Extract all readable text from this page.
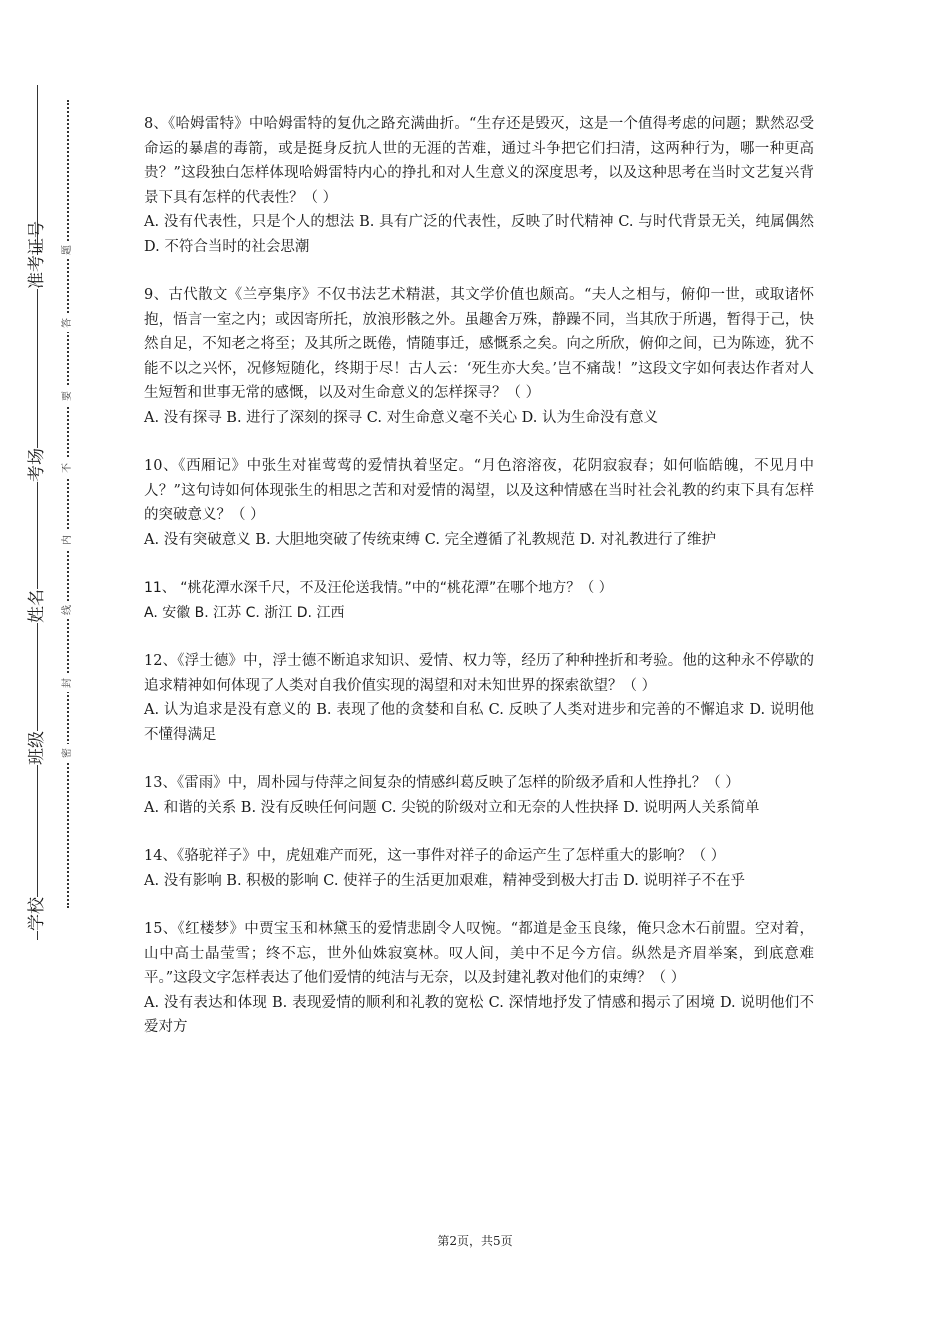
准考证号
考场
姓名
班级
学校
题
答
要
不
内
线
封
密

8、《哈姆雷特》中哈姆雷特的复仇之路充满曲折。“生存还是毁灭，这是一个值得考虑的问题；默然忍受命运的暴虐的毒箭，或是挺身反抗人世的无涯的苦难，通过斗争把它们扫清，这两种行为，哪一种更高贵？”这段独白怎样体现哈姆雷特内心的挣扎和对人生意义的深度思考，以及这种思考在当时文艺复兴背景下具有怎样的代表性？（ ）

A. 没有代表性，只是个人的想法 B. 具有广泛的代表性，反映了时代精神 C. 与时代背景无关，纯属偶然 D. 不符合当时的社会思潮

9、古代散文《兰亭集序》不仅书法艺术精湛，其文学价值也颇高。“夫人之相与，俯仰一世，或取诸怀抱，悟言一室之内；或因寄所托，放浪形骸之外。虽趣舍万殊，静躁不同，当其欣于所遇，暂得于己，快然自足，不知老之将至；及其所之既倦，情随事迁，感慨系之矣。向之所欣，俯仰之间，已为陈迹，犹不能不以之兴怀，况修短随化，终期于尽！古人云：‘死生亦大矣。’岂不痛哉！”这段文字如何表达作者对人生短暂和世事无常的感慨，以及对生命意义的怎样探寻？（ ）

A. 没有探寻 B. 进行了深刻的探寻 C. 对生命意义毫不关心 D. 认为生命没有意义

10、《西厢记》中张生对崔莺莺的爱情执着坚定。“月色溶溶夜，花阴寂寂春；如何临皓魄，不见月中人？”这句诗如何体现张生的相思之苦和对爱情的渴望，以及这种情感在当时社会礼教的约束下具有怎样的突破意义？（ ）

A. 没有突破意义 B. 大胆地突破了传统束缚 C. 完全遵循了礼教规范 D. 对礼教进行了维护

11、 “桃花潭水深千尺，不及汪伦送我情。”中的“桃花潭”在哪个地方？（ ）

A. 安徽 B. 江苏 C. 浙江 D. 江西

12、《浮士德》中，浮士德不断追求知识、爱情、权力等，经历了种种挫折和考验。他的这种永不停歇的追求精神如何体现了人类对自我价值实现的渴望和对未知世界的探索欲望？（ ）

A. 认为追求是没有意义的 B. 表现了他的贪婪和自私 C. 反映了人类对进步和完善的不懈追求 D. 说明他不懂得满足

13、《雷雨》中，周朴园与侍萍之间复杂的情感纠葛反映了怎样的阶级矛盾和人性挣扎？（ ）

A. 和谐的关系 B. 没有反映任何问题 C. 尖锐的阶级对立和无奈的人性抉择 D. 说明两人关系简单

14、《骆驼祥子》中，虎妞难产而死，这一事件对祥子的命运产生了怎样重大的影响？（ ）

A. 没有影响 B. 积极的影响 C. 使祥子的生活更加艰难，精神受到极大打击 D. 说明祥子不在乎

15、《红楼梦》中贾宝玉和林黛玉的爱情悲剧令人叹惋。“都道是金玉良缘，俺只念木石前盟。空对着，山中高士晶莹雪；终不忘，世外仙姝寂寞林。叹人间，美中不足今方信。纵然是齐眉举案，到底意难平。”这段文字怎样表达了他们爱情的纯洁与无奈，以及封建礼教对他们的束缚？（ ）

A. 没有表达和体现 B. 表现爱情的顺利和礼教的宽松 C. 深情地抒发了情感和揭示了困境 D. 说明他们不爱对方

第2页，共5页
